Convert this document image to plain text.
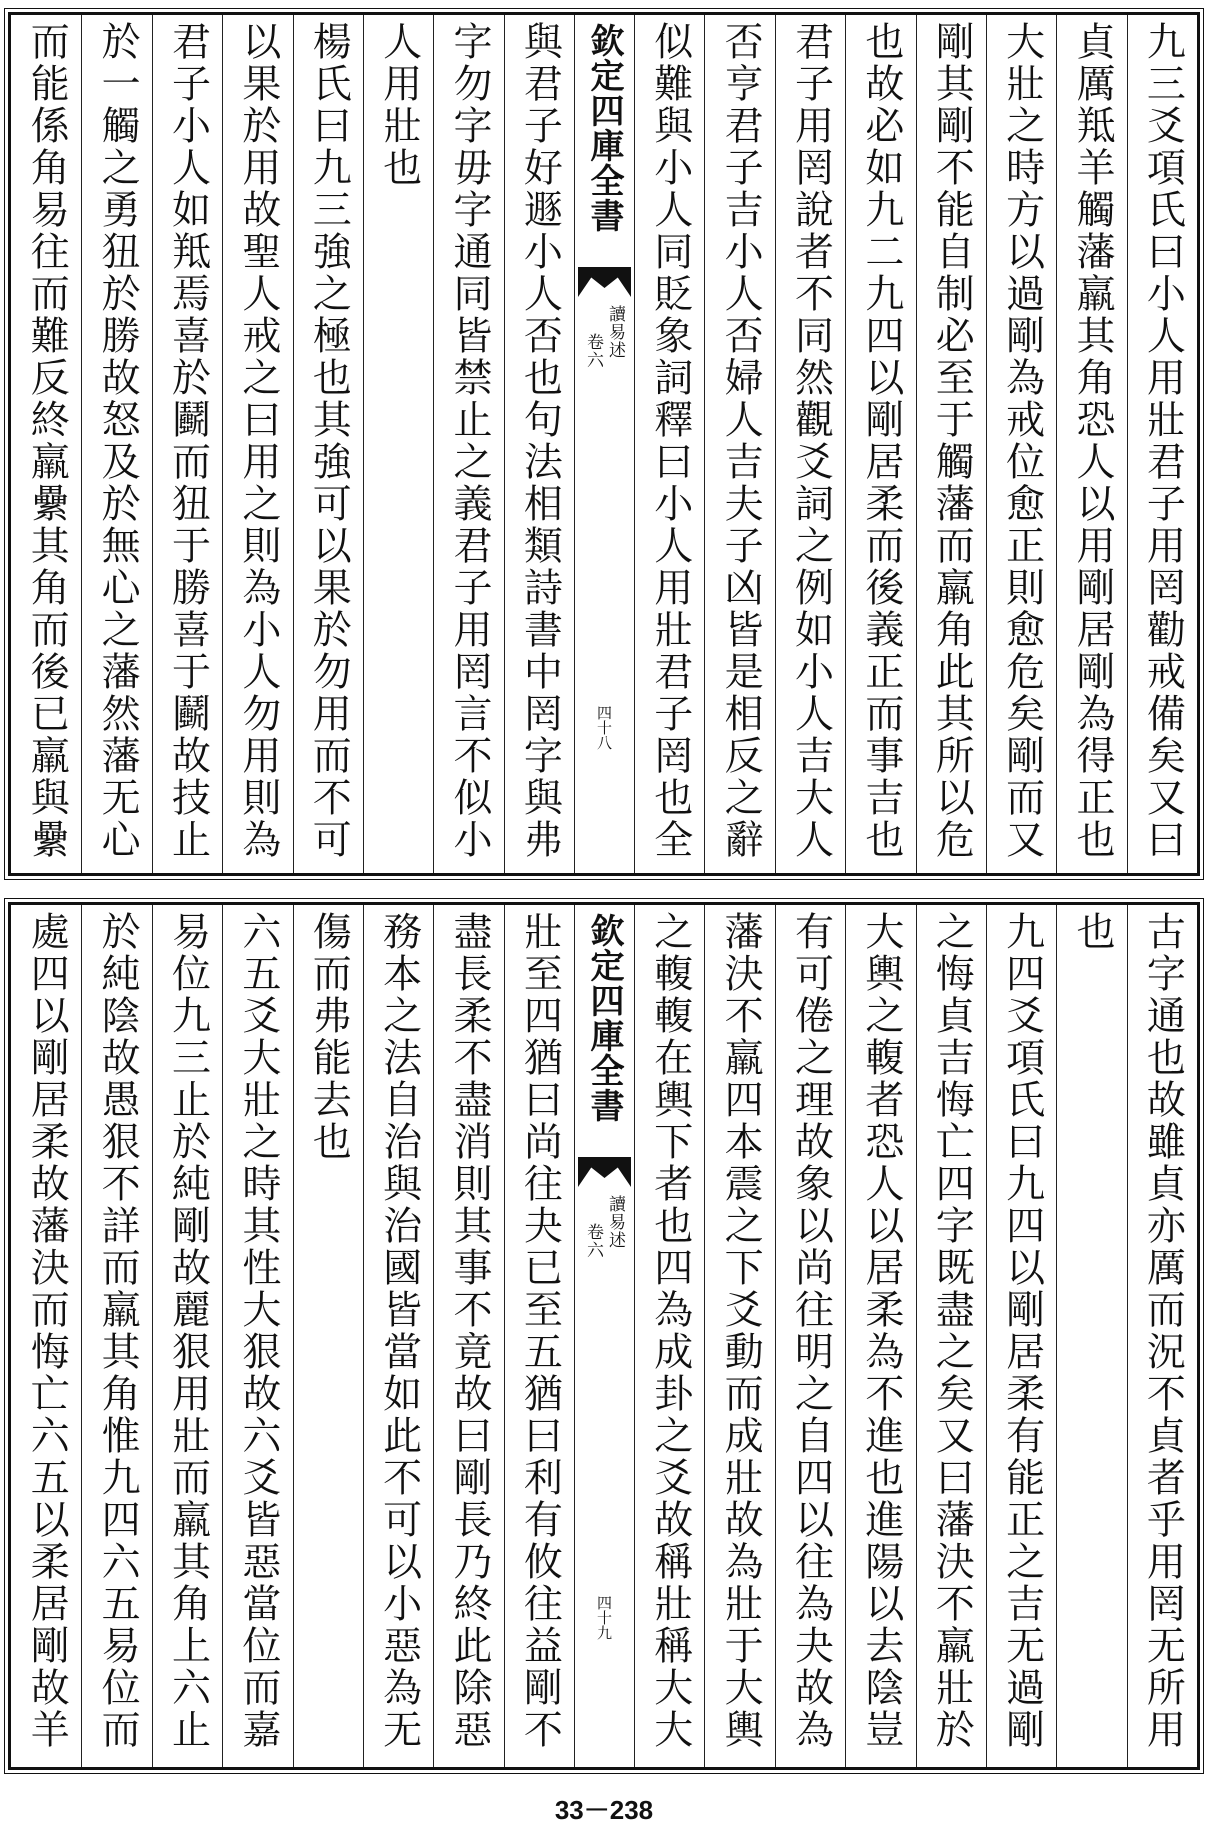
九三爻項氏曰小人用壯君子用罔勸戒備矣又曰
貞厲羝羊觸藩羸其角恐人以用剛居剛為得正也
大壯之時方以過剛為戒位愈正則愈危矣剛而又
剛其剛不能自制必至于觸藩而羸角此其所以危
也故必如九二九四以剛居柔而後義正而事吉也
君子用罔說者不同然觀爻詞之例如小人吉大人
否亨君子吉小人否婦人吉夫子凶皆是相反之辭
似難與小人同貶象詞釋曰小人用壯君子罔也全
欽定四庫全書
讀易述
卷六
四十八
與君子好遯小人否也句法相類詩書中罔字與弗
字勿字毋字通同皆禁止之義君子用罔言不似小
人用壯也
楊氏曰九三強之極也其強可以果於勿用而不可
以果於用故聖人戒之曰用之則為小人勿用則為
君子小人如羝焉喜於鬬而狃于勝喜于鬬故技止
於一觸之勇狃於勝故怒及於無心之藩然藩无心
而能係角易往而難反終羸纍其角而後已羸與纍
古字通也故雖貞亦厲而況不貞者乎用罔无所用
也
九四爻項氏曰九四以剛居柔有能正之吉无過剛
之悔貞吉悔亡四字既盡之矣又曰藩決不羸壯於
大輿之輹者恐人以居柔為不進也進陽以去陰豈
有可倦之理故象以尚往明之自四以往為夬故為
藩決不羸四本震之下爻動而成壯故為壯于大輿
之輹輹在輿下者也四為成卦之爻故稱壯稱大大
欽定四庫全書
讀易述
卷六
四十九
壯至四猶曰尚往夬已至五猶曰利有攸往益剛不
盡長柔不盡消則其事不竟故曰剛長乃終此除惡
務本之法自治與治國皆當如此不可以小惡為无
傷而弗能去也
六五爻大壯之時其性大狠故六爻皆惡當位而嘉
易位九三止於純剛故麗狠用壯而羸其角上六止
於純陰故愚狠不詳而羸其角惟九四六五易位而
處四以剛居柔故藩決而悔亡六五以柔居剛故羊
33－238
